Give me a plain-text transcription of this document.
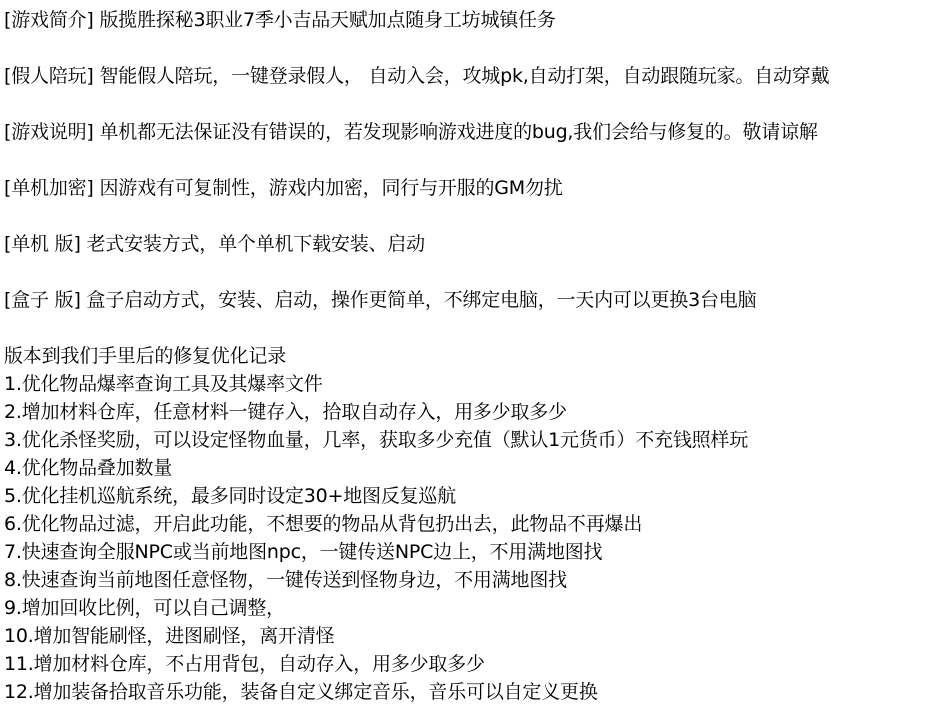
[游戏简介] 版揽胜探秘3职业7季小吉品天赋加点随身工坊城镇任务
[假人陪玩] 智能假人陪玩，一键登录假人， 自动入会，攻城pk,自动打架，自动跟随玩家。自动穿戴
[游戏说明] 单机都无法保证没有错误的，若发现影响游戏进度的bug,我们会给与修复的。敬请谅解
[单机加密] 因游戏有可复制性，游戏内加密，同行与开服的GM勿扰
[单机 版] 老式安装方式，单个单机下载安装、启动
[盒子 版] 盒子启动方式，安装、启动，操作更简单，不绑定电脑，一天内可以更换3台电脑
版本到我们手里后的修复优化记录
1.优化物品爆率查询工具及其爆率文件
2.增加材料仓库，任意材料一键存入，拾取自动存入，用多少取多少
3.优化杀怪奖励，可以设定怪物血量，几率，获取多少充值（默认1元货币）不充钱照样玩
4.优化物品叠加数量
5.优化挂机巡航系统，最多同时设定30+地图反复巡航
6.优化物品过滤，开启此功能，不想要的物品从背包扔出去，此物品不再爆出
7.快速查询全服NPC或当前地图npc，一键传送NPC边上，不用满地图找
8.快速查询当前地图任意怪物，一键传送到怪物身边，不用满地图找
9.增加回收比例，可以自己调整，
10.增加智能刷怪，进图刷怪，离开清怪
11.增加材料仓库，不占用背包，自动存入，用多少取多少
12.增加装备拾取音乐功能，装备自定义绑定音乐，音乐可以自定义更换
